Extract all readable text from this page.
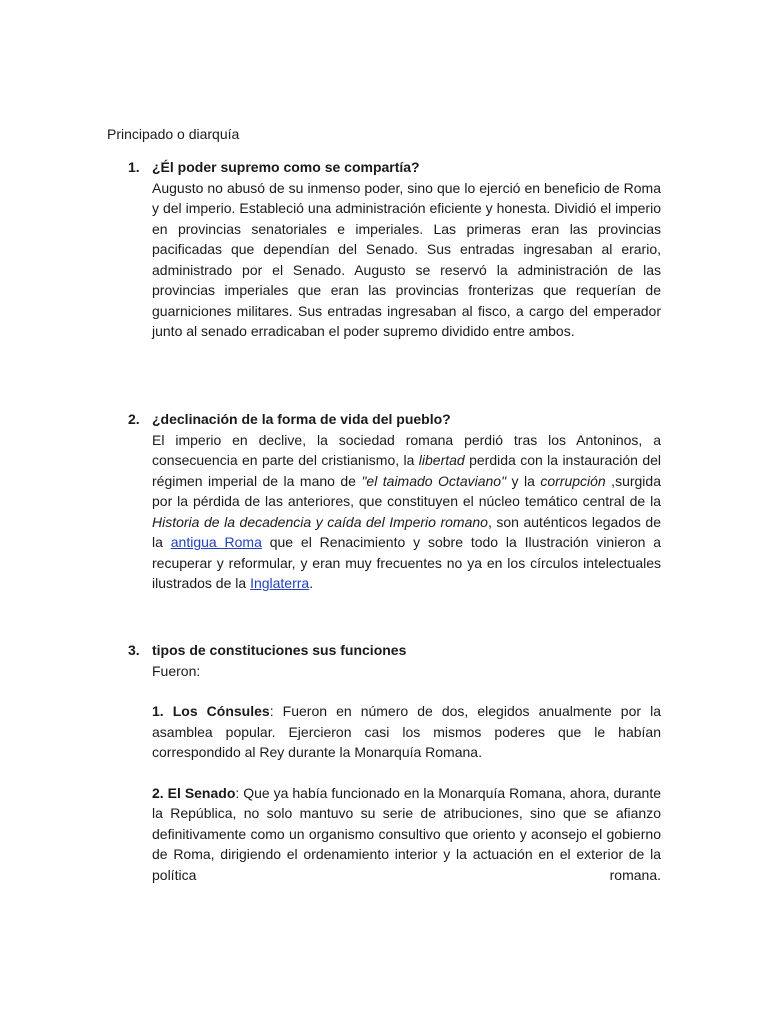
Principado o diarquía
1. ¿Él poder supremo como se compartía?

Augusto no abusó de su inmenso poder, sino que lo ejerció en beneficio de Roma y del imperio. Estableció una administración eficiente y honesta. Dividió el imperio en provincias senatoriales e imperiales. Las primeras eran las provincias pacificadas que dependían del Senado. Sus entradas ingresaban al erario, administrado por el Senado. Augusto se reservó la administración de las provincias imperiales que eran las provincias fronterizas que requerían de guarniciones militares. Sus entradas ingresaban al fisco, a cargo del emperador junto al senado erradicaban el poder supremo dividido entre ambos.

2. ¿declinación de la forma de vida del pueblo?

El imperio en declive, la sociedad romana perdió tras los Antoninos, a consecuencia en parte del cristianismo, la libertad perdida con la instauración del régimen imperial de la mano de "el taimado Octaviano" y la corrupción ,surgida por la pérdida de las anteriores, que constituyen el núcleo temático central de la Historia de la decadencia y caída del Imperio romano, son auténticos legados de la antigua Roma que el Renacimiento y sobre todo la Ilustración vinieron a recuperar y reformular, y eran muy frecuentes no ya en los círculos intelectuales ilustrados de la Inglaterra.

3. tipos de constituciones sus funciones
Fueron:
1. Los Cónsules: Fueron en número de dos, elegidos anualmente por la asamblea popular. Ejercieron casi los mismos poderes que le habían correspondido al Rey durante la Monarquía Romana.
2. El Senado: Que ya había funcionado en la Monarquía Romana, ahora, durante la República, no solo mantuvo su serie de atribuciones, sino que se afianzo definitivamente como un organismo consultivo que oriento y aconsejo el gobierno de Roma, dirigiendo el ordenamiento interior y la actuación en el exterior de la política romana.
